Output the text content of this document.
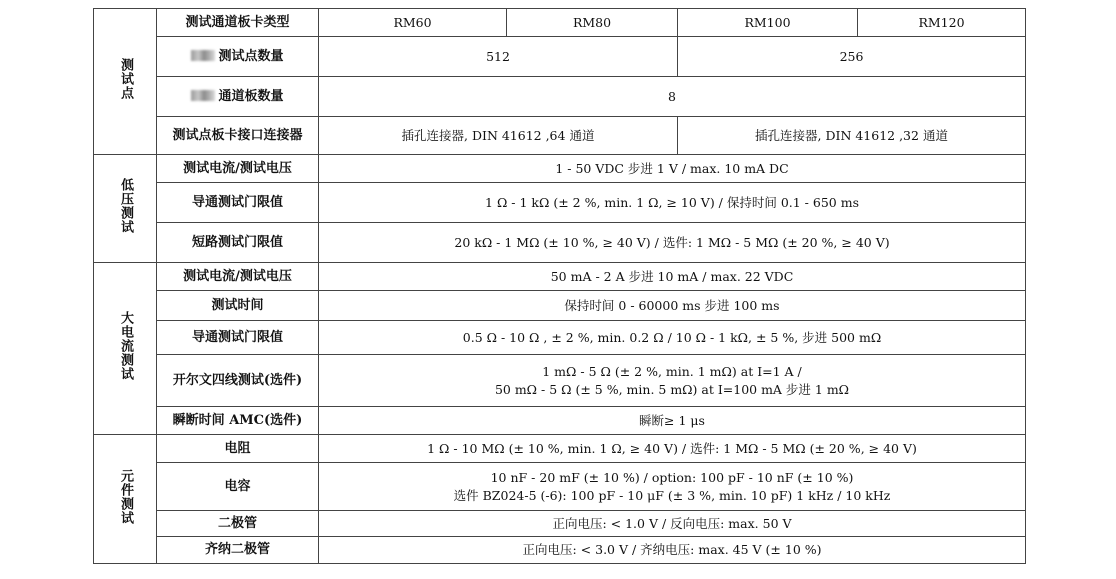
测试点	测试通道板卡类型	RM60	RM80	RM100	RM120
	测试点数量	512		256	
	通道板数量	8			
	测试点板卡接口连接器	插孔连接器, DIN 41612 ,64 通道		插孔连接器, DIN 41612 ,32 通道	
低压测试	测试电流/测试电压	1 - 50 VDC 步进 1 V / max. 10 mA DC			
	导通测试门限值	1 Ω - 1 kΩ (± 2 %, min. 1 Ω, ≥ 10 V) / 保持时间 0.1 - 650 ms			
	短路测试门限值	20 kΩ - 1 MΩ (± 10 %, ≥ 40 V) / 选件: 1 MΩ - 5 MΩ (± 20 %, ≥ 40 V)			
大电流测试	测试电流/测试电压	50 mA - 2 A 步进 10 mA / max. 22 VDC			
	测试时间	保持时间 0 - 60000 ms 步进 100 ms			
	导通测试门限值	0.5 Ω - 10 Ω , ± 2 %, min. 0.2 Ω / 10 Ω - 1 kΩ, ± 5 %, 步进 500 mΩ			
	开尔文四线测试(选件)	1 mΩ - 5 Ω (± 2 %, min. 1 mΩ) at I=1 A /
50 mΩ - 5 Ω (± 5 %, min. 5 mΩ) at I=100 mA 步进 1 mΩ			

	瞬断时间 AMC(选件)	瞬断≥ 1 μs			
元件测试	电阻	1 Ω - 10 MΩ (± 10 %, min. 1 Ω, ≥ 40 V) / 选件: 1 MΩ - 5 MΩ (± 20 %, ≥ 40 V)			
	电容	10 nF - 20 mF (± 10 %) / option: 100 pF - 10 nF (± 10 %)
选件 BZ024-5 (-6): 100 pF - 10 μF (± 3 %, min. 10 pF) 1 kHz / 10 kHz			

	二极管	正向电压: < 1.0 V / 反向电压: max. 50 V			
	齐纳二极管	正向电压: < 3.0 V / 齐纳电压: max. 45 V (± 10 %)			
